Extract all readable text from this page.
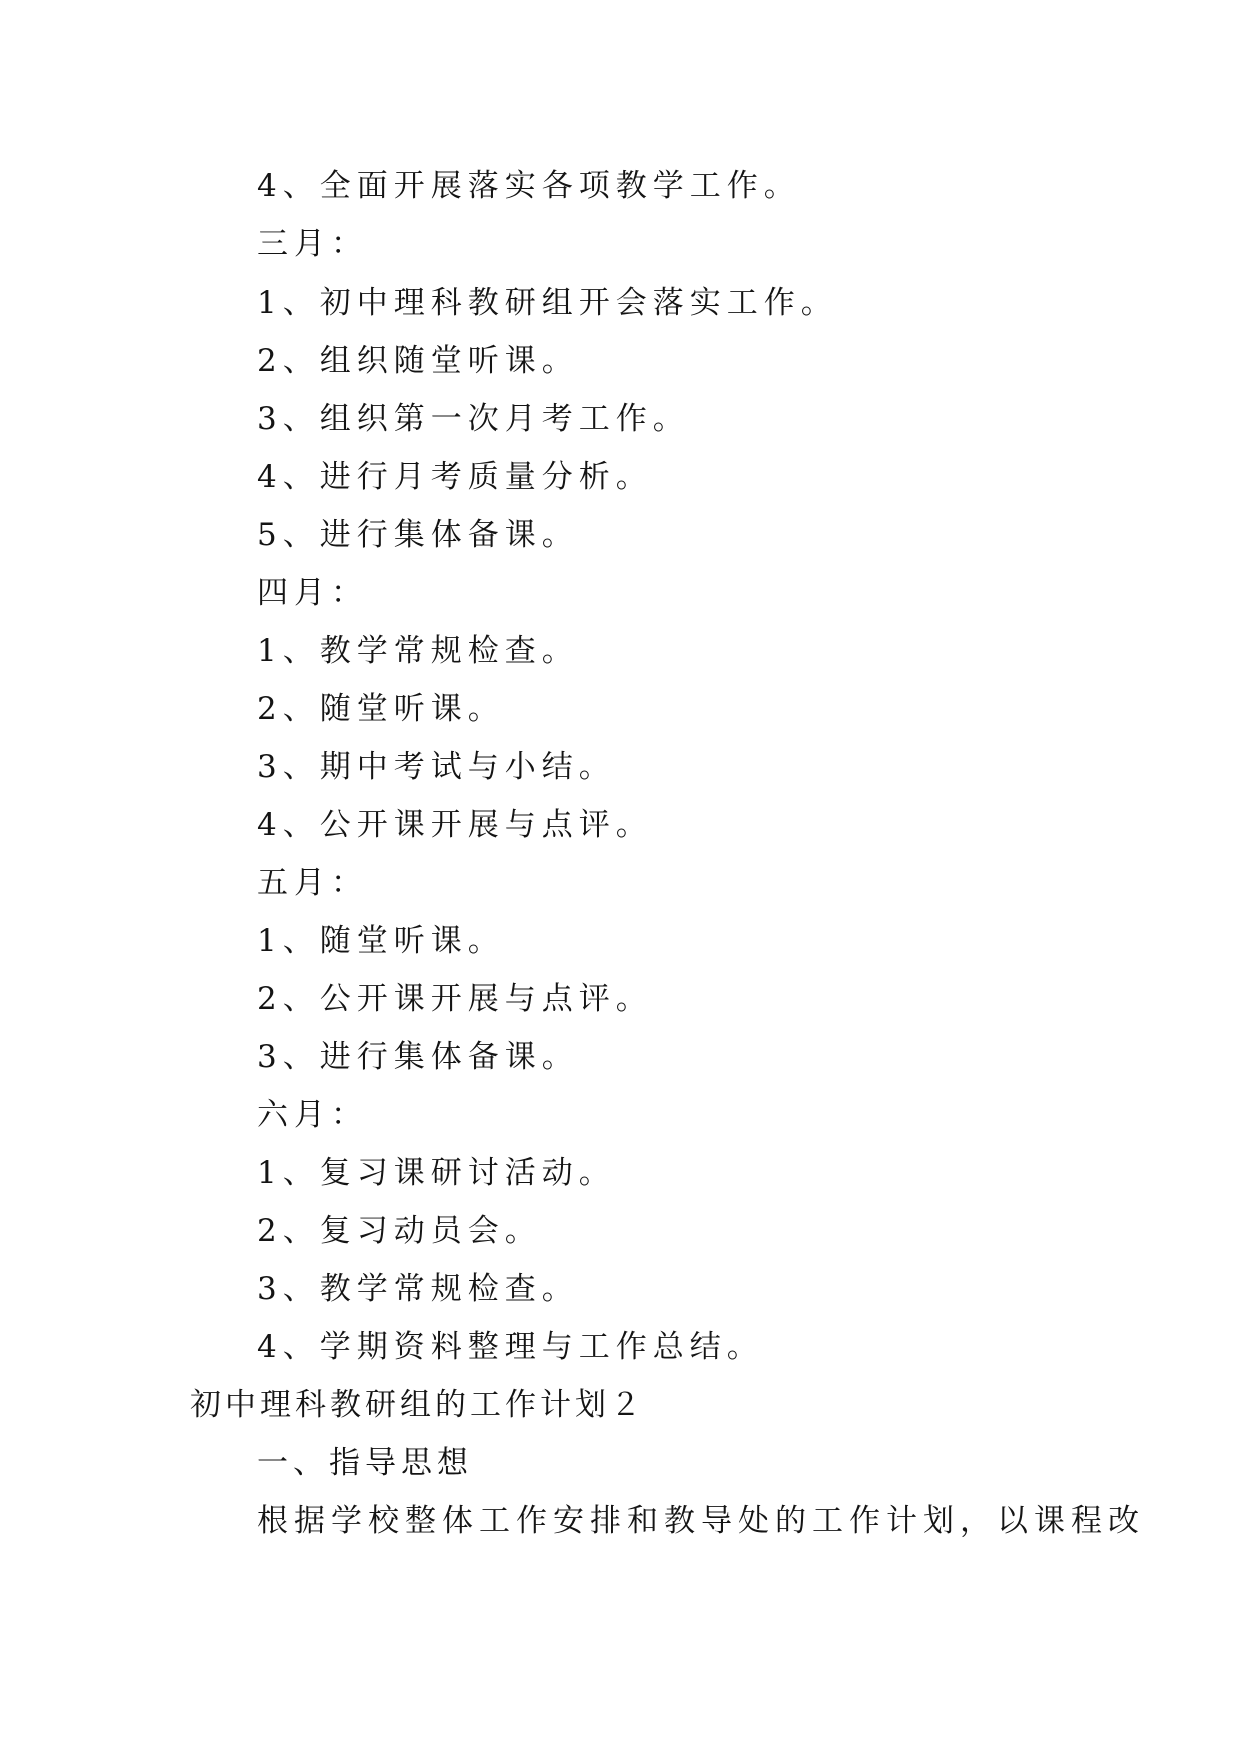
4、全面开展落实各项教学工作。
三月：
1、初中理科教研组开会落实工作。
2、组织随堂听课。
3、组织第一次月考工作。
4、进行月考质量分析。
5、进行集体备课。
四月：
1、教学常规检查。
2、随堂听课。
3、期中考试与小结。
4、公开课开展与点评。
五月：
1、随堂听课。
2、公开课开展与点评。
3、进行集体备课。
六月：
1、复习课研讨活动。
2、复习动员会。
3、教学常规检查。
4、学期资料整理与工作总结。
初中理科教研组的工作计划２
一、指导思想
根据学校整体工作安排和教导处的工作计划，以课程改
